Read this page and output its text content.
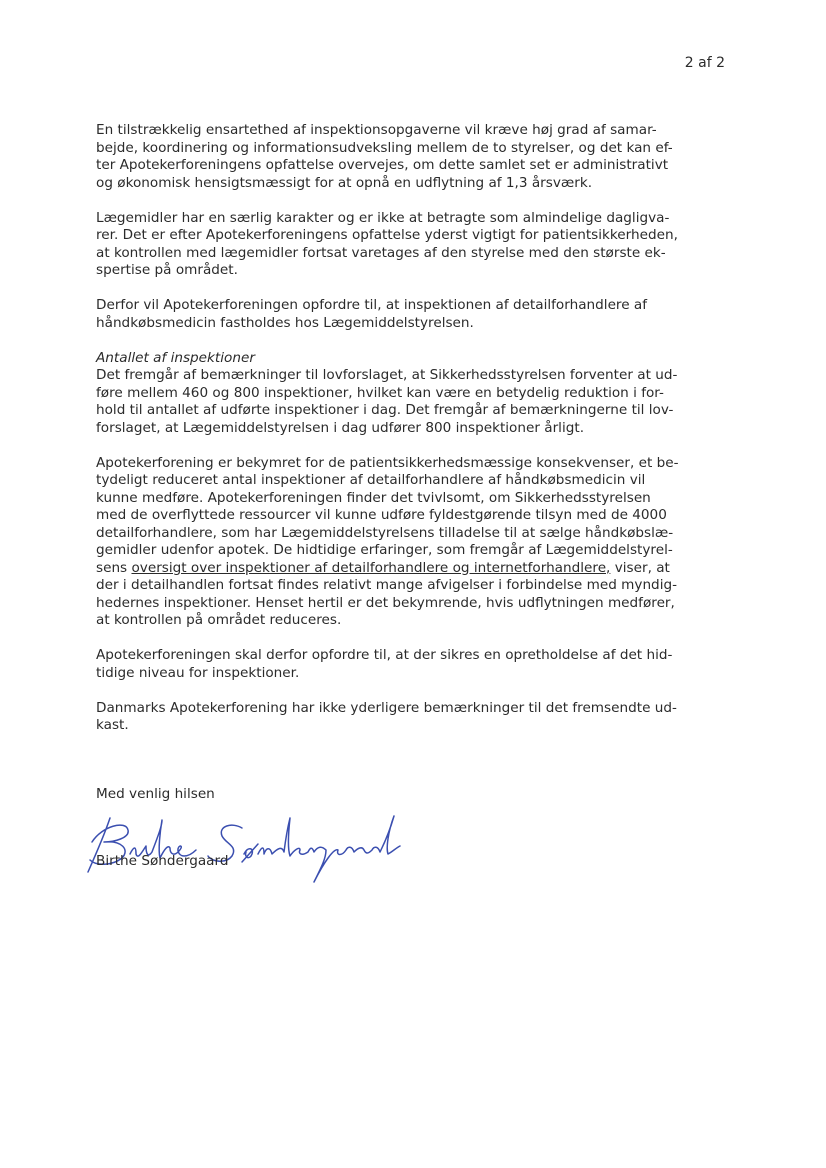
2 af 2

En tilstrækkelig ensartethed af inspektionsopgaverne vil kræve høj grad af samar-
bejde, koordinering og informationsudveksling mellem de to styrelser, og det kan ef-
ter Apotekerforeningens opfattelse overvejes, om dette samlet set er administrativt
og økonomisk hensigtsmæssigt for at opnå en udflytning af 1,3 årsværk.

Lægemidler har en særlig karakter og er ikke at betragte som almindelige dagligva-
rer. Det er efter Apotekerforeningens opfattelse yderst vigtigt for patientsikkerheden,
at kontrollen med lægemidler fortsat varetages af den styrelse med den største ek-
spertise på området.

Derfor vil Apotekerforeningen opfordre til, at inspektionen af detailforhandlere af
håndkøbsmedicin fastholdes hos Lægemiddelstyrelsen.

Antallet af inspektioner
Det fremgår af bemærkninger til lovforslaget, at Sikkerhedsstyrelsen forventer at ud-
føre mellem 460 og 800 inspektioner, hvilket kan være en betydelig reduktion i for-
hold til antallet af udførte inspektioner i dag. Det fremgår af bemærkningerne til lov-
forslaget, at Lægemiddelstyrelsen i dag udfører 800 inspektioner årligt.

Apotekerforening er bekymret for de patientsikkerhedsmæssige konsekvenser, et be-
tydeligt reduceret antal inspektioner af detailforhandlere af håndkøbsmedicin vil
kunne medføre. Apotekerforeningen finder det tvivlsomt, om Sikkerhedsstyrelsen
med de overflyttede ressourcer vil kunne udføre fyldestgørende tilsyn med de 4000
detailforhandlere, som har Lægemiddelstyrelsens tilladelse til at sælge håndkøbslæ-
gemidler udenfor apotek. De hidtidige erfaringer, som fremgår af Lægemiddelstyrel-
sens oversigt over inspektioner af detailforhandlere og internetforhandlere, viser, at
der i detailhandlen fortsat findes relativt mange afvigelser i forbindelse med myndig-
hedernes inspektioner. Henset hertil er det bekymrende, hvis udflytningen medfører,
at kontrollen på området reduceres.

Apotekerforeningen skal derfor opfordre til, at der sikres en opretholdelse af det hid-
tidige niveau for inspektioner.

Danmarks Apotekerforening har ikke yderligere bemærkninger til det fremsendte ud-
kast.

Med venlig hilsen
Birthe Søndergaard
